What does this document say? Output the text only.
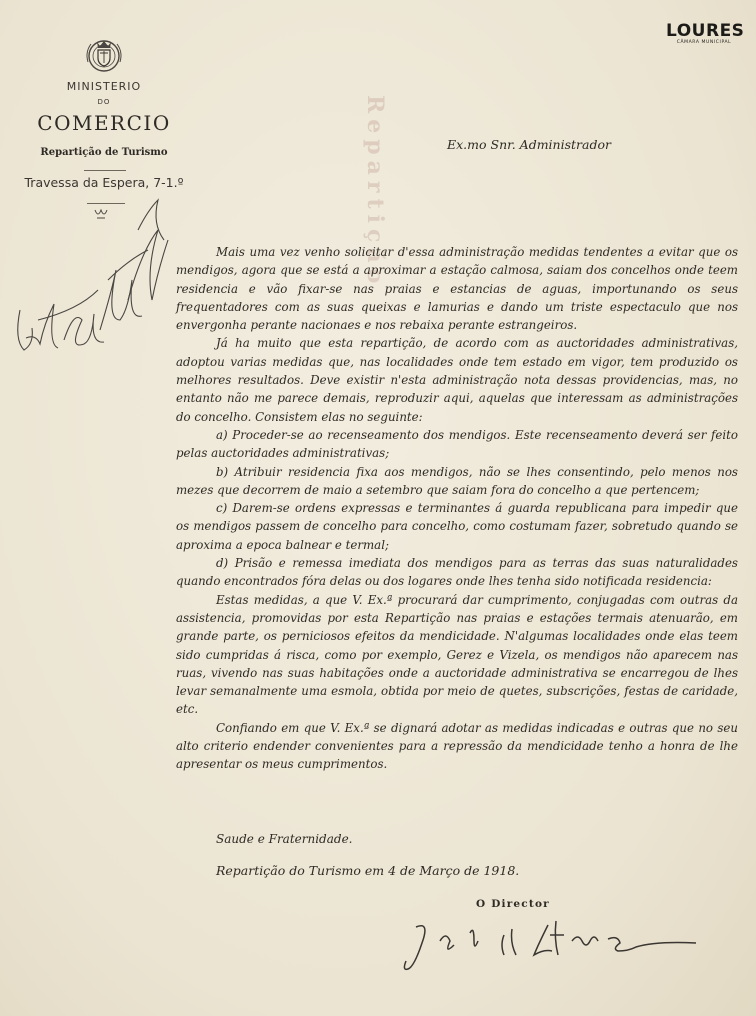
Repartição
LOURES
CÂMARA MUNICIPAL
MINISTERIO
DO
COMERCIO
Repartição de Turismo
Travessa da Espera, 7-1.º
Ex.mo Snr. Administrador

Mais uma vez venho solicitar d'essa administração medidas tendentes a evitar que os mendigos, agora que se está a aproximar a estação calmosa, saiam dos concelhos onde teem residencia e vão fixar-se nas praias e estancias de aguas, importunando os seus frequentadores com as suas queixas e lamurias e dando um triste espectaculo que nos envergonha perante nacionaes e nos rebaixa perante estrangeiros.

Já ha muito que esta repartição, de acordo com as auctoridades administrativas, adoptou varias medidas que, nas localidades onde tem estado em vigor, tem produzido os melhores resultados. Deve existir n'esta administração nota dessas providencias, mas, no entanto não me parece demais, reproduzir aqui, aquelas que interessam as administrações do concelho. Consistem elas no seguinte:

a) Proceder-se ao recenseamento dos mendigos. Este recenseamento deverá ser feito pelas auctoridades administrativas;

b) Atribuir residencia fixa aos mendigos, não se lhes consentindo, pelo menos nos mezes que decorrem de maio a setembro que saiam fora do concelho a que pertencem;

c) Darem-se ordens expressas e terminantes á guarda republicana para impedir que os mendigos passem de concelho para concelho, como costumam fazer, sobretudo quando se aproxima a epoca balnear e termal;

d) Prisão e remessa imediata dos mendigos para as terras das suas naturalidades quando encontrados fóra delas ou dos logares onde lhes tenha sido notificada residencia:

Estas medidas, a que V. Ex.ª procurará dar cumprimento, conjugadas com outras da assistencia, promovidas por esta Repartição nas praias e estações termais atenuarão, em grande parte, os perniciosos efeitos da mendicidade. N'algumas localidades onde elas teem sido cumpridas á risca, como por exemplo, Gerez e Vizela, os mendigos não aparecem nas ruas, vivendo nas suas habitações onde a auctoridade administrativa se encarregou de lhes levar semanalmente uma esmola, obtida por meio de quetes, subscrições, festas de caridade, etc.

Confiando em que V. Ex.ª se dignará adotar as medidas indicadas e outras que no seu alto criterio endender convenientes para a repressão da mendicidade tenho a honra de lhe apresentar os meus cumprimentos.

Saude e Fraternidade.
Repartição do Turismo em 4 de Março de 1918.
O Director
